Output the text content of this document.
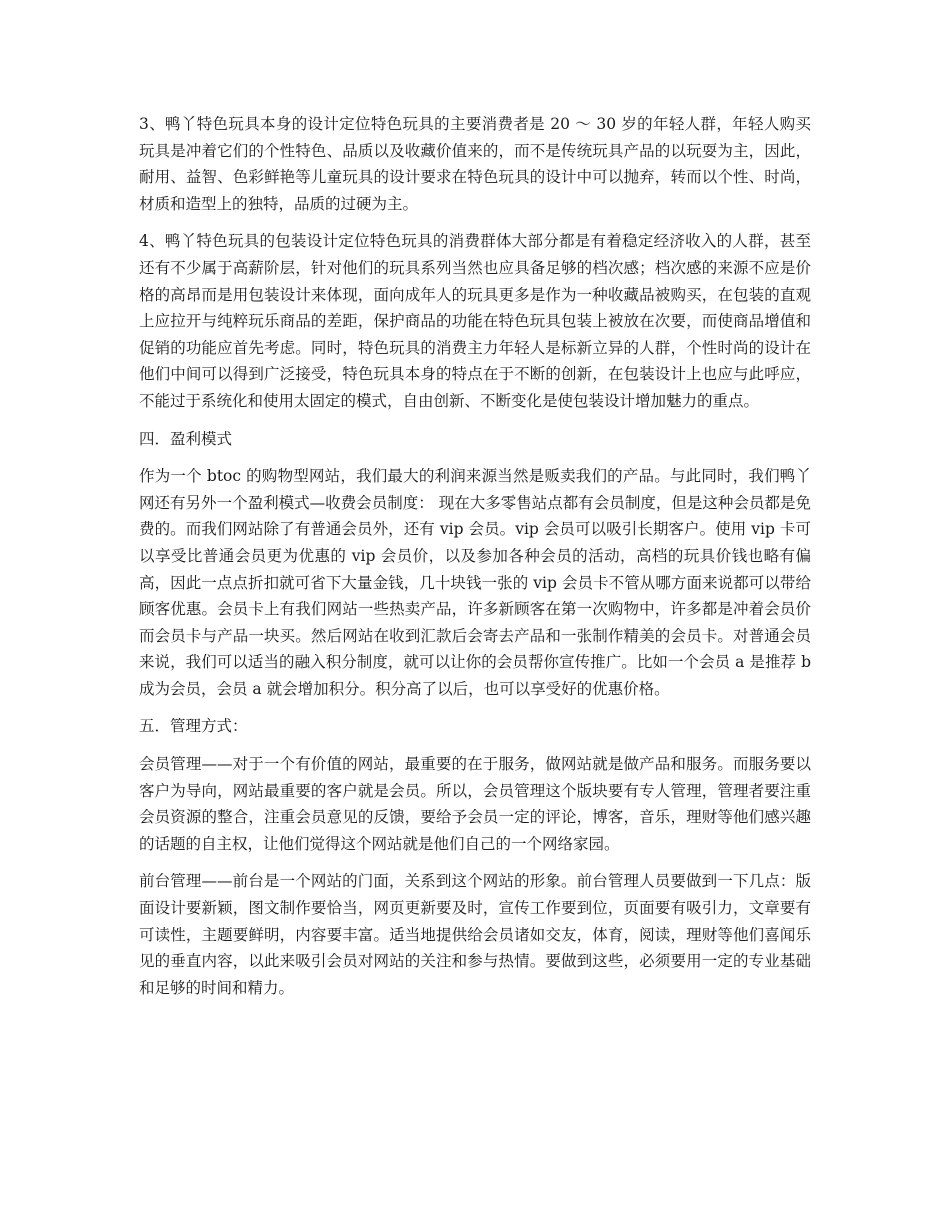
3、鸭丫特色玩具本身的设计定位特色玩具的主要消费者是 20 ～ 30 岁的年轻人群，年轻人购买玩具是冲着它们的个性特色、品质以及收藏价值来的，而不是传统玩具产品的以玩耍为主，因此，耐用、益智、色彩鲜艳等儿童玩具的设计要求在特色玩具的设计中可以抛弃，转而以个性、时尚，材质和造型上的独特，品质的过硬为主。

4、鸭丫特色玩具的包装设计定位特色玩具的消费群体大部分都是有着稳定经济收入的人群，甚至还有不少属于高薪阶层，针对他们的玩具系列当然也应具备足够的档次感；档次感的来源不应是价格的高昂而是用包装设计来体现，面向成年人的玩具更多是作为一种收藏品被购买，在包装的直观上应拉开与纯粹玩乐商品的差距，保护商品的功能在特色玩具包装上被放在次要，而使商品增值和促销的功能应首先考虑。同时，特色玩具的消费主力年轻人是标新立异的人群，个性时尚的设计在他们中间可以得到广泛接受，特色玩具本身的特点在于不断的创新，在包装设计上也应与此呼应，不能过于系统化和使用太固定的模式，自由创新、不断变化是使包装设计增加魅力的重点。

四．盈利模式

作为一个 btoc 的购物型网站，我们最大的利润来源当然是贩卖我们的产品。与此同时，我们鸭丫网还有另外一个盈利模式—收费会员制度： 现在大多零售站点都有会员制度，但是这种会员都是免费的。而我们网站除了有普通会员外，还有 vip 会员。vip 会员可以吸引长期客户。使用 vip 卡可以享受比普通会员更为优惠的 vip 会员价，以及参加各种会员的活动，高档的玩具价钱也略有偏高，因此一点点折扣就可省下大量金钱，几十块钱一张的 vip 会员卡不管从哪方面来说都可以带给顾客优惠。会员卡上有我们网站一些热卖产品，许多新顾客在第一次购物中，许多都是冲着会员价而会员卡与产品一块买。然后网站在收到汇款后会寄去产品和一张制作精美的会员卡。对普通会员来说，我们可以适当的融入积分制度，就可以让你的会员帮你宣传推广。比如一个会员 a 是推荐 b 成为会员，会员 a 就会增加积分。积分高了以后，也可以享受好的优惠价格。

五．管理方式：

会员管理——对于一个有价值的网站，最重要的在于服务，做网站就是做产品和服务。而服务要以客户为导向，网站最重要的客户就是会员。所以，会员管理这个版块要有专人管理，管理者要注重会员资源的整合，注重会员意见的反馈，要给予会员一定的评论，博客，音乐，理财等他们感兴趣的话题的自主权，让他们觉得这个网站就是他们自己的一个网络家园。

前台管理——前台是一个网站的门面，关系到这个网站的形象。前台管理人员要做到一下几点：版面设计要新颖，图文制作要恰当，网页更新要及时，宣传工作要到位，页面要有吸引力，文章要有可读性，主题要鲜明，内容要丰富。适当地提供给会员诸如交友，体育，阅读，理财等他们喜闻乐见的垂直内容，以此来吸引会员对网站的关注和参与热情。要做到这些，必须要用一定的专业基础和足够的时间和精力。
